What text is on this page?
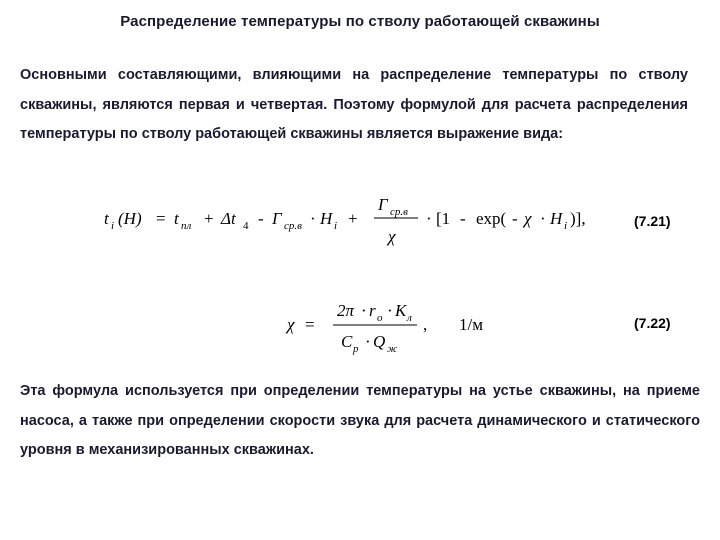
Распределение температуры по стволу работающей скважины
Основными составляющими, влияющими на распределение температуры по стволу скважины, являются первая и четвертая. Поэтому формулой для расчета распределения температуры по стволу работающей скважины является выражение вида:
t i (H) = t пл + Δt 4 - Г ср.в · H i +
Г ср.в
χ
· [1 - exp( - χ · H i )],	(7.21)
χ =
2π · r о · K л
C р · Q ж
, 1/м	(7.22)
Эта формула используется при определении температуры на устье скважины, на приеме насоса, а также при определении скорости звука для расчета динамического и статического уровня в механизированных скважинах.
